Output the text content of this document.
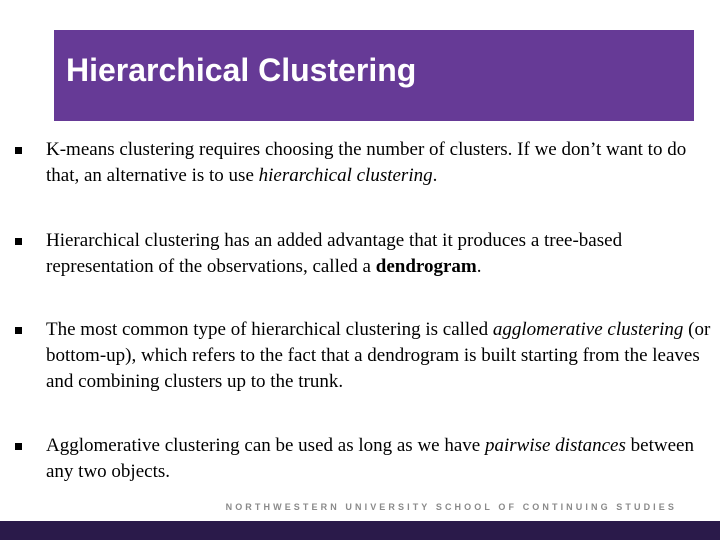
Hierarchical Clustering

K-means clustering requires choosing the number of clusters. If we don’t want to do that, an alternative is to use hierarchical clustering.

Hierarchical clustering has an added advantage that it produces a tree-based representation of the observations, called a dendrogram.

The most common type of hierarchical clustering is called agglomerative clustering (or bottom-up), which refers to the fact that a dendrogram is built starting from the leaves and combining clusters up to the trunk.

Agglomerative clustering can be used as long as we have pairwise distances between any two objects.

NORTHWESTERN UNIVERSITY SCHOOL OF CONTINUING STUDIES
